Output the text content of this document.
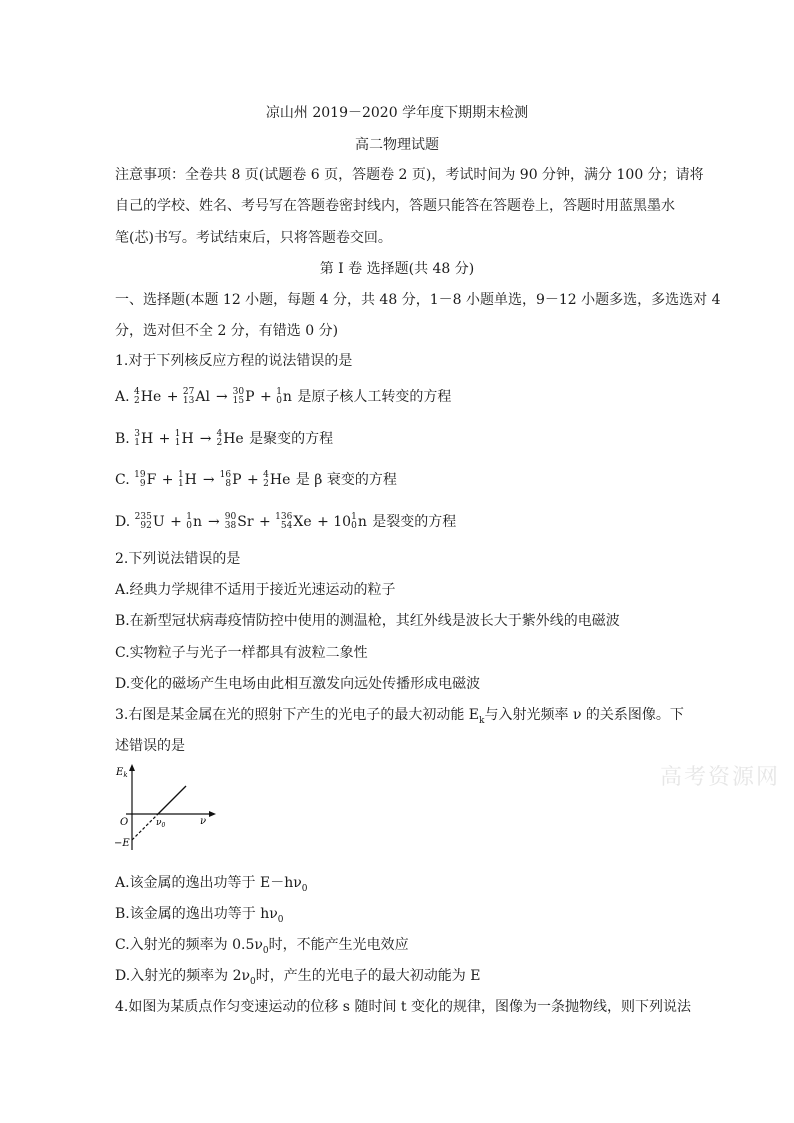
凉山州 2019－2020 学年度下期期末检测
高二物理试题
注意事项：全卷共 8 页(试题卷 6 页，答题卷 2 页)，考试时间为 90 分钟，满分 100 分；请将
自己的学校、姓名、考号写在答题卷密封线内，答题只能答在答题卷上，答题时用蓝黑墨水
笔(芯)书写。考试结束后，只将答题卷交回。
第 I 卷 选择题(共 48 分)
一、选择题(本题 12 小题，每题 4 分，共 48 分，1－8 小题单选，9－12 小题多选，多选选对 4
分，选对但不全 2 分，有错选 0 分)
1.对于下列核反应方程的说法错误的是
A. 4
2 He + 27
13 Al → 30
15 P + 1
0 n 是原子核人工转变的方程
B. 3
1 H + 1
1 H → 4
2 He 是聚变的方程
C. 19
9 F + 1
1 H → 16
8 P + 4
2 He 是 β 衰变的方程
D. 235
92 U + 1
0 n → 90
38 Sr + 136
54 Xe + 10 1
0 n 是裂变的方程
2.下列说法错误的是
A.经典力学规律不适用于接近光速运动的粒子
B.在新型冠状病毒疫情防控中使用的测温枪，其红外线是波长大于紫外线的电磁波
C.实物粒子与光子一样都具有波粒二象性
D.变化的磁场产生电场由此相互激发向远处传播形成电磁波
3.右图是某金属在光的照射下产生的光电子的最大初动能 $E_k$与入射光频率 ν 的关系图像。下
述错误的是
$E_k$
O	$\nu_0$	ν
−E
A.该金属的逸出功等于 $E-h\nu_0$
B.该金属的逸出功等于 $h\nu_0$
C.入射光的频率为 $0.5\nu_0$时，不能产生光电效应
D.入射光的频率为 $2\nu_0$时，产生的光电子的最大初动能为 E
4.如图为某质点作匀变速运动的位移 s 随时间 t 变化的规律，图像为一条抛物线，则下列说法
高考资源网
